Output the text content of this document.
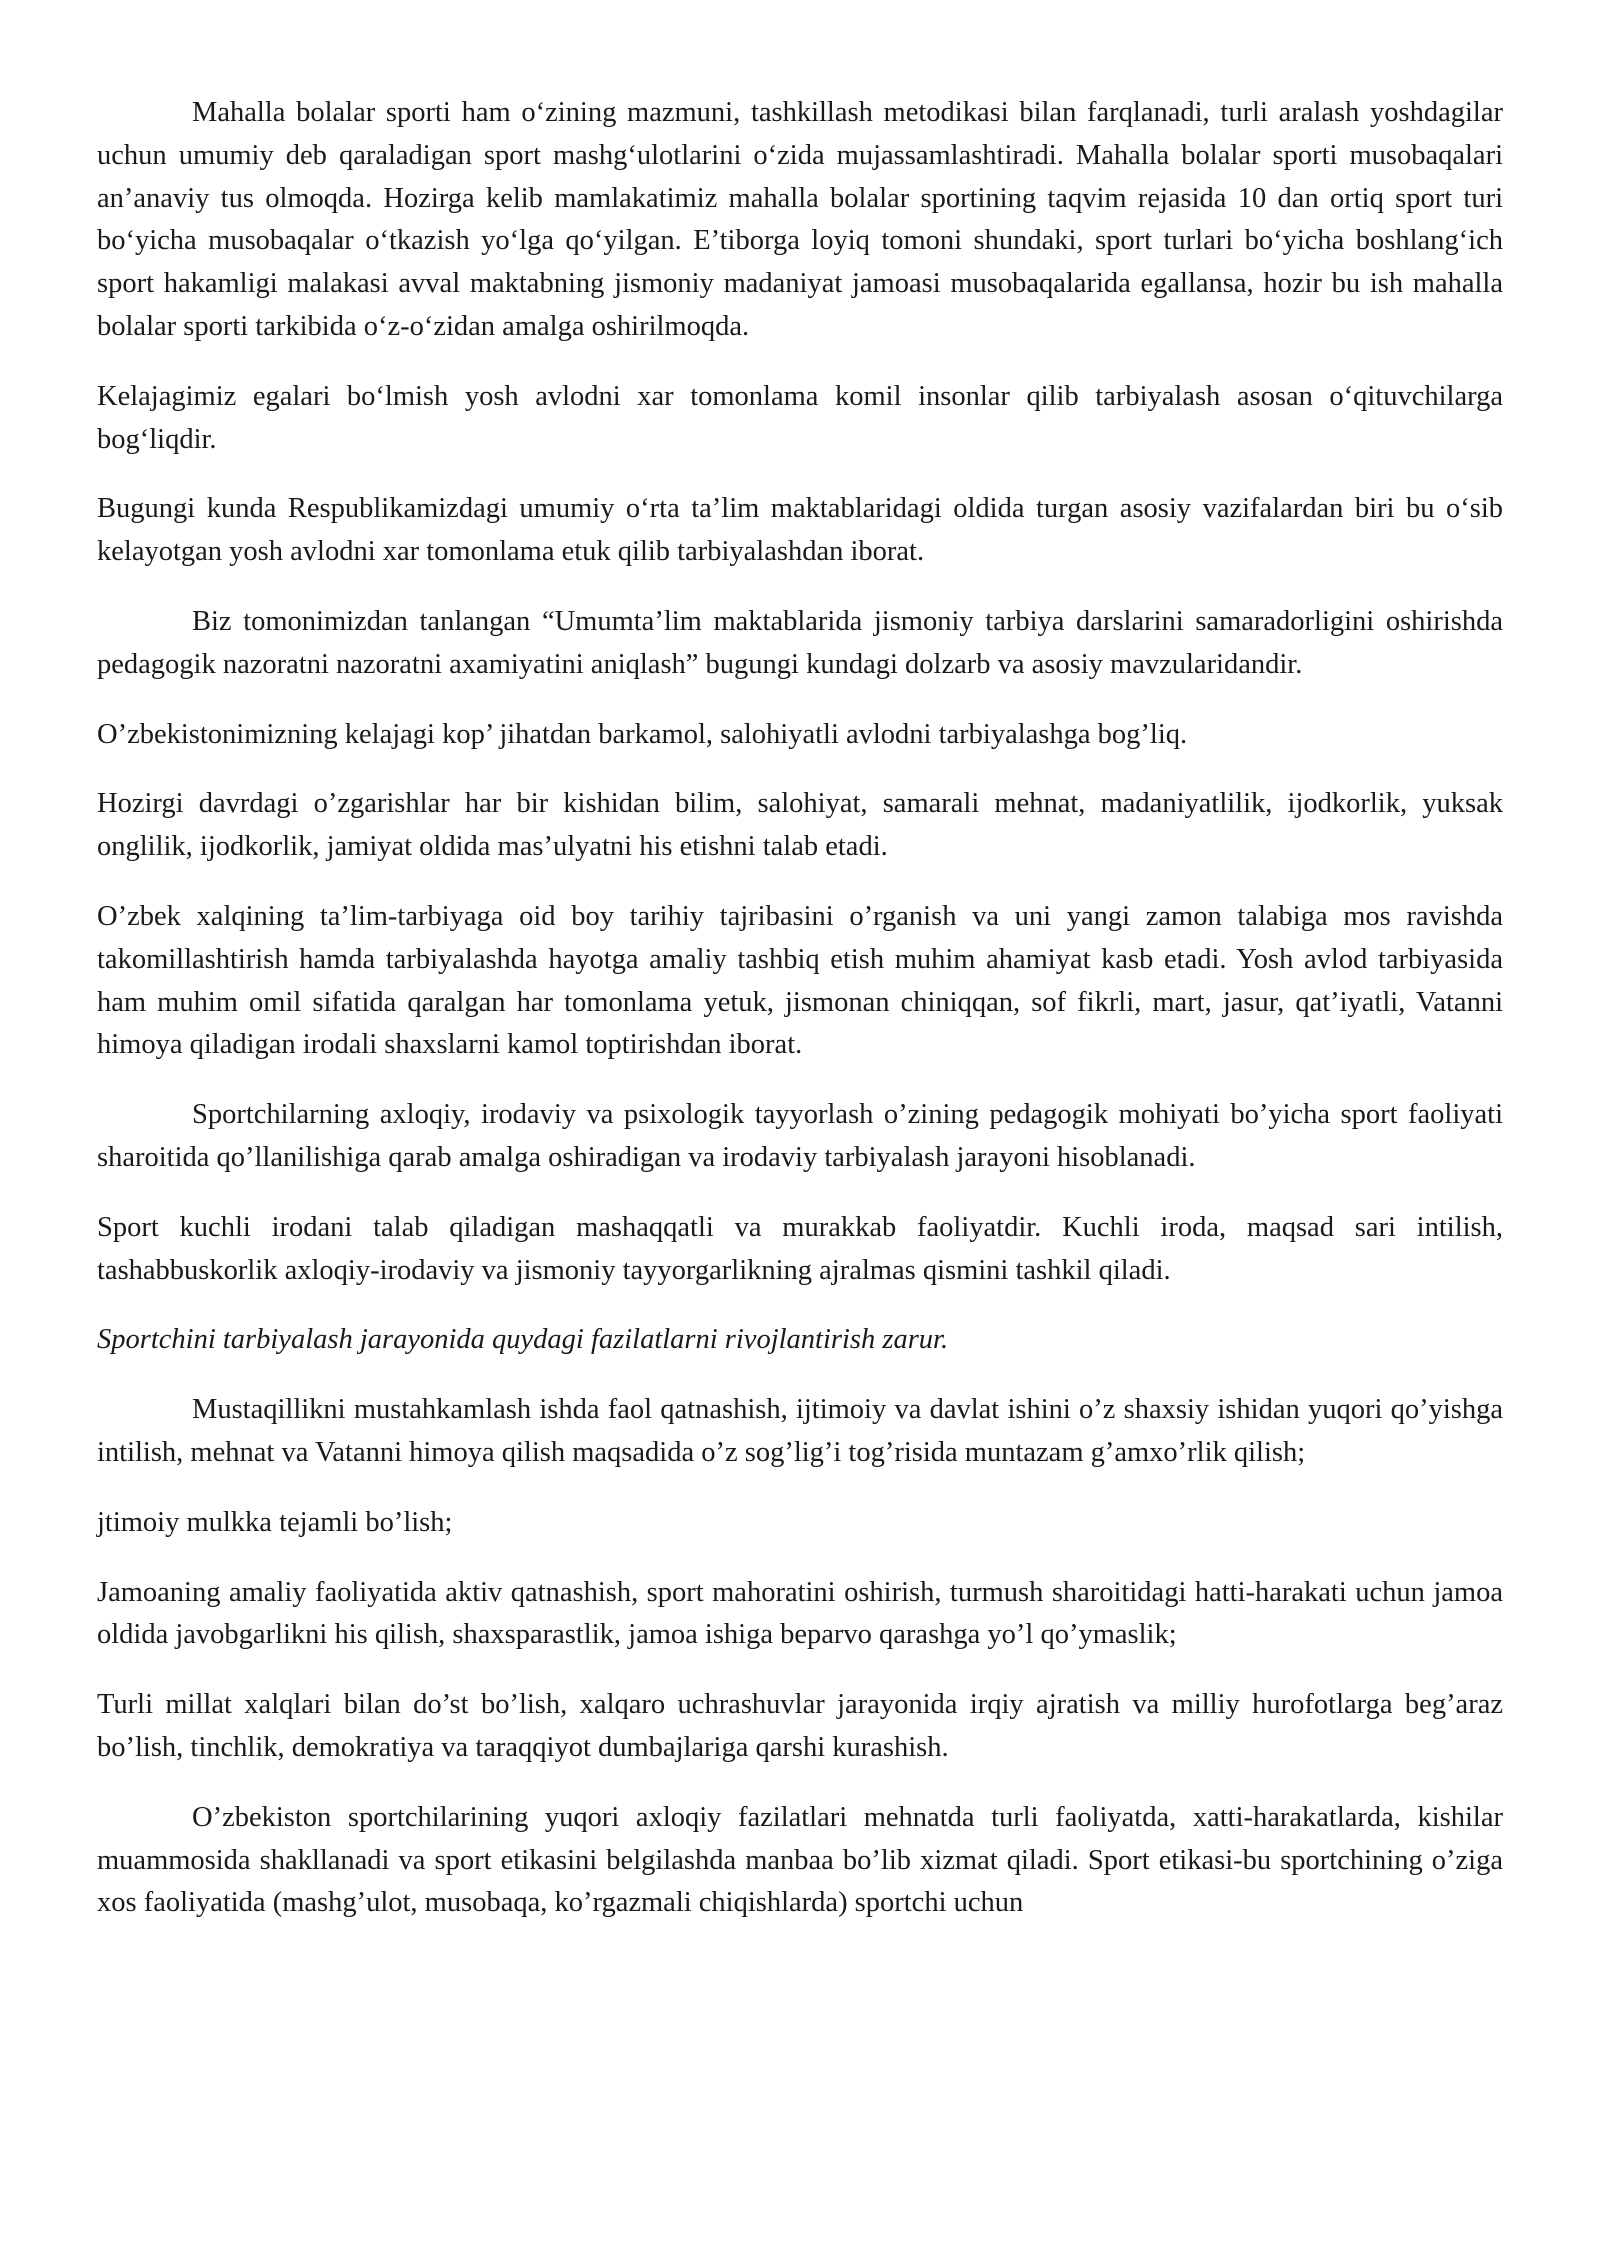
Mahalla bolalar sporti ham oʻzining mazmuni, tashkillash metodikasi bilan farqlanadi, turli aralash yoshdagilar uchun umumiy deb qaraladigan sport mashgʻulotlarini oʻzida mujassamlashtiradi. Mahalla bolalar sporti musobaqalari an’anaviy tus olmoqda. Hozirga kelib mamlakatimiz mahalla bolalar sportining taqvim rejasida 10 dan ortiq sport turi boʻyicha musobaqalar oʻtkazish yoʻlga qoʻyilgan. E’tiborga loyiq tomoni shundaki, sport turlari boʻyicha boshlangʻich sport hakamligi malakasi avval maktabning jismoniy madaniyat jamoasi musobaqalarida egallansa, hozir bu ish mahalla bolalar sporti tarkibida oʻz-oʻzidan amalga oshirilmoqda.

Kelajagimiz egalari boʻlmish yosh avlodni xar tomonlama komil insonlar qilib tarbiyalash asosan oʻqituvchilarga bogʻliqdir.

Bugungi kunda Respublikamizdagi umumiy oʻrta ta’lim maktablaridagi oldida turgan asosiy vazifalardan biri bu oʻsib kelayotgan yosh avlodni xar tomonlama etuk qilib tarbiyalashdan iborat.

Biz tomonimizdan tanlangan “Umumta’lim maktablarida jismoniy tarbiya darslarini samaradorligini oshirishda pedagogik nazoratni nazoratni axamiyatini aniqlash” bugungi kundagi dolzarb va asosiy mavzularidandir.

O’zbekistonimizning kelajagi kop’ jihatdan barkamol, salohiyatli avlodni tarbiyalashga bog’liq.

Hozirgi davrdagi o’zgarishlar har bir kishidan bilim, salohiyat, samarali mehnat, madaniyatlilik, ijodkorlik, yuksak onglilik, ijodkorlik, jamiyat oldida mas’ulyatni his etishni talab etadi.

O’zbek xalqining ta’lim-tarbiyaga oid boy tarihiy tajribasini o’rganish va uni yangi zamon talabiga mos ravishda takomillashtirish hamda tarbiyalashda hayotga amaliy tashbiq etish muhim ahamiyat kasb etadi. Yosh avlod tarbiyasida ham muhim omil sifatida qaralgan har tomonlama yetuk, jismonan chiniqqan, sof fikrli, mart, jasur, qat’iyatli, Vatanni himoya qiladigan irodali shaxslarni kamol toptirishdan iborat.

Sportchilarning axloqiy, irodaviy va psixologik tayyorlash o’zining pedagogik mohiyati bo’yicha sport faoliyati sharoitida qo’llanilishiga qarab amalga oshiradigan va irodaviy tarbiyalash jarayoni hisoblanadi.

Sport kuchli irodani talab qiladigan mashaqqatli va murakkab faoliyatdir. Kuchli iroda, maqsad sari intilish, tashabbuskorlik axloqiy-irodaviy va jismoniy tayyorgarlikning ajralmas qismini tashkil qiladi.

Sportchini tarbiyalash jarayonida quydagi fazilatlarni rivojlantirish zarur.

Mustaqillikni mustahkamlash ishda faol qatnashish, ijtimoiy va davlat ishini o’z shaxsiy ishidan yuqori qo’yishga intilish, mehnat va Vatanni himoya qilish maqsadida o’z sog’lig’i tog’risida muntazam g’amxo’rlik qilish;

jtimoiy mulkka tejamli bo’lish;

Jamoaning amaliy faoliyatida aktiv qatnashish, sport mahoratini oshirish, turmush sharoitidagi hatti-harakati uchun jamoa oldida javobgarlikni his qilish, shaxsparastlik, jamoa ishiga beparvo qarashga yo’l qo’ymaslik;

Turli millat xalqlari bilan do’st bo’lish, xalqaro uchrashuvlar jarayonida irqiy ajratish va milliy hurofotlarga beg’araz bo’lish, tinchlik, demokratiya va taraqqiyot dumbajlariga qarshi kurashish.

O’zbekiston sportchilarining yuqori axloqiy fazilatlari mehnatda turli faoliyatda, xatti-harakatlarda, kishilar muammosida shakllanadi va sport etikasini belgilashda manbaa bo’lib xizmat qiladi. Sport etikasi-bu sportchining o’ziga xos faoliyatida (mashg’ulot, musobaqa, ko’rgazmali chiqishlarda) sportchi uchun
